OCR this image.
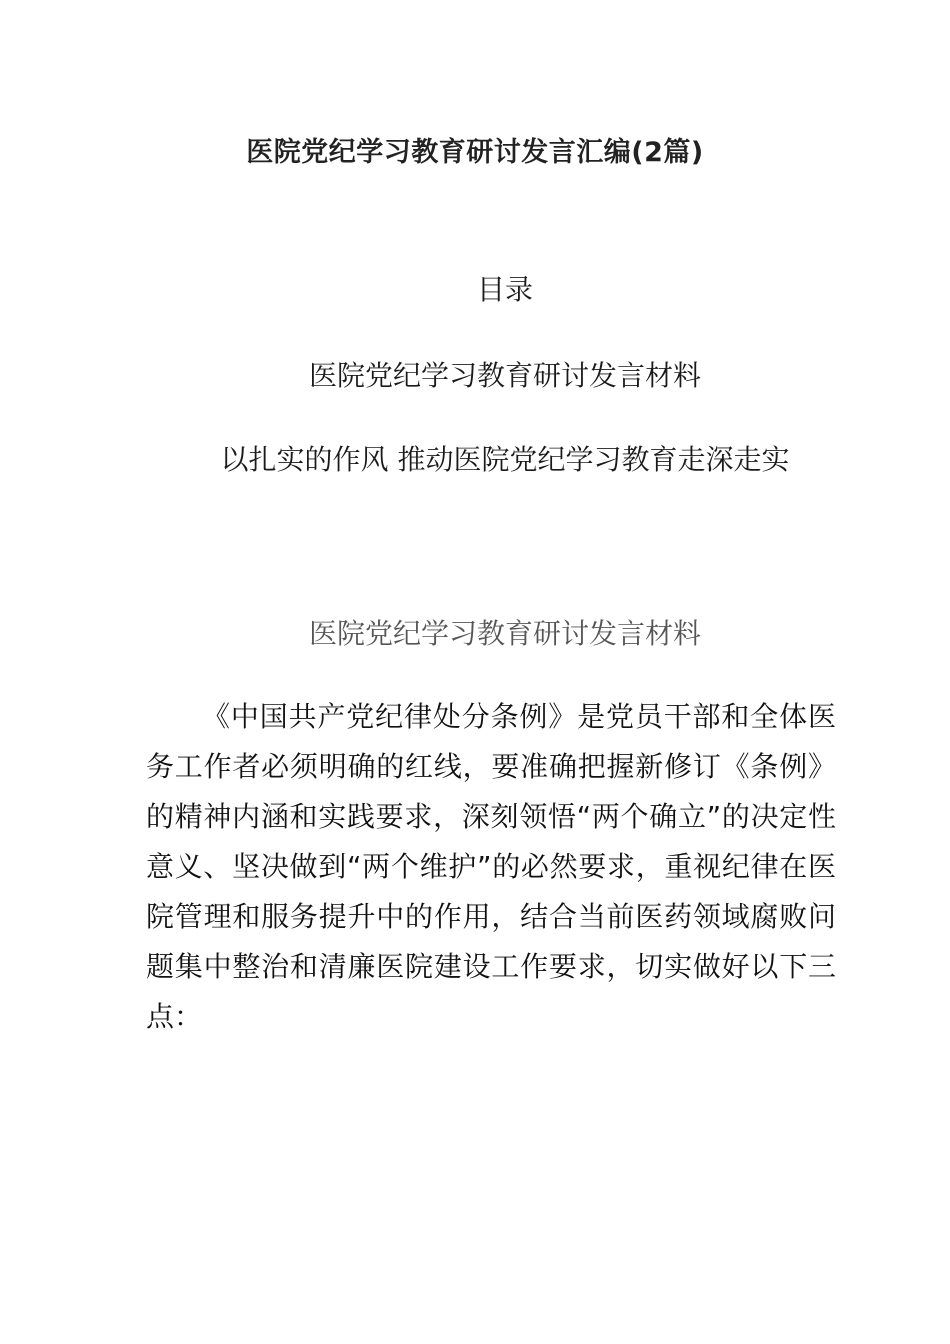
医院党纪学习教育研讨发言汇编(2篇)
目录
医院党纪学习教育研讨发言材料
以扎实的作风 推动医院党纪学习教育走深走实
医院党纪学习教育研讨发言材料

《中国共产党纪律处分条例》是党员干部和全体医务工作者必须明确的红线，要准确把握新修订《条例》的精神内涵和实践要求，深刻领悟“两个确立”的决定性意义、坚决做到“两个维护”的必然要求，重视纪律在医院管理和服务提升中的作用，结合当前医药领域腐败问题集中整治和清廉医院建设工作要求，切实做好以下三点：
